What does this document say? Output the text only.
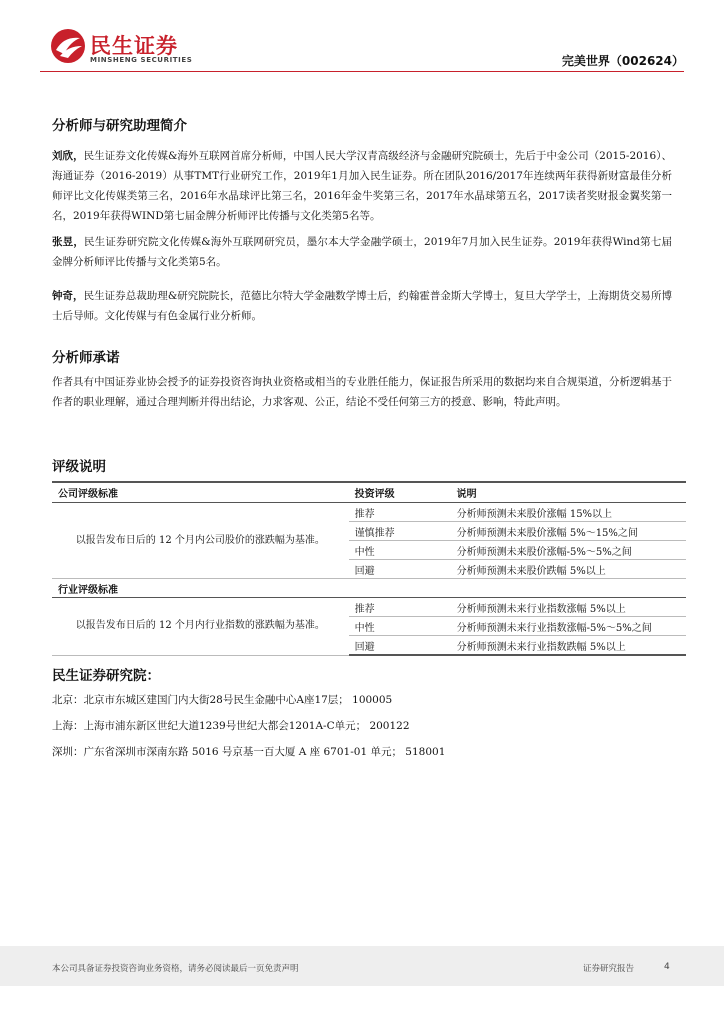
民生证券
MINSHENG SECURITIES	完美世界（002624）
分析师与研究助理简介
刘欣，民生证券文化传媒&海外互联网首席分析师，中国人民大学汉青高级经济与金融研究院硕士，先后于中金公司（2015-2016）、海通证券（2016-2019）从事TMT行业研究工作，2019年1月加入民生证券。所在团队2016/2017年连续两年获得新财富最佳分析师评比文化传媒类第三名，2016年水晶球评比第三名，2016年金牛奖第三名，2017年水晶球第五名，2017读者奖财报金翼奖第一名，2019年获得WIND第七届金牌分析师评比传播与文化类第5名等。
张昱，民生证券研究院文化传媒&海外互联网研究员，墨尔本大学金融学硕士，2019年7月加入民生证券。2019年获得Wind第七届金牌分析师评比传播与文化类第5名。
钟奇，民生证券总裁助理&研究院院长，范德比尔特大学金融数学博士后，约翰霍普金斯大学博士，复旦大学学士，上海期货交易所博士后导师。文化传媒与有色金属行业分析师。
分析师承诺
作者具有中国证券业协会授予的证券投资咨询执业资格或相当的专业胜任能力，保证报告所采用的数据均来自合规渠道，分析逻辑基于作者的职业理解，通过合理判断并得出结论，力求客观、公正，结论不受任何第三方的授意、影响，特此声明。
评级说明
公司评级标准	投资评级	说明
以报告发布日后的 12 个月内公司股价的涨跌幅为基准。	推荐	分析师预测未来股价涨幅 15%以上
	谨慎推荐	分析师预测未来股价涨幅 5%～15%之间
	中性	分析师预测未来股价涨幅-5%～5%之间
	回避	分析师预测未来股价跌幅 5%以上
行业评级标准		
以报告发布日后的 12 个月内行业指数的涨跌幅为基准。	推荐	分析师预测未来行业指数涨幅 5%以上
	中性	分析师预测未来行业指数涨幅-5%～5%之间
	回避	分析师预测未来行业指数跌幅 5%以上
民生证券研究院：
北京：北京市东城区建国门内大街28号民生金融中心A座17层； 100005
上海：上海市浦东新区世纪大道1239号世纪大都会1201A-C单元； 200122
深圳：广东省深圳市深南东路 5016 号京基一百大厦 A 座 6701-01 单元； 518001
本公司具备证券投资咨询业务资格，请务必阅读最后一页免责声明	证券研究报告	4
